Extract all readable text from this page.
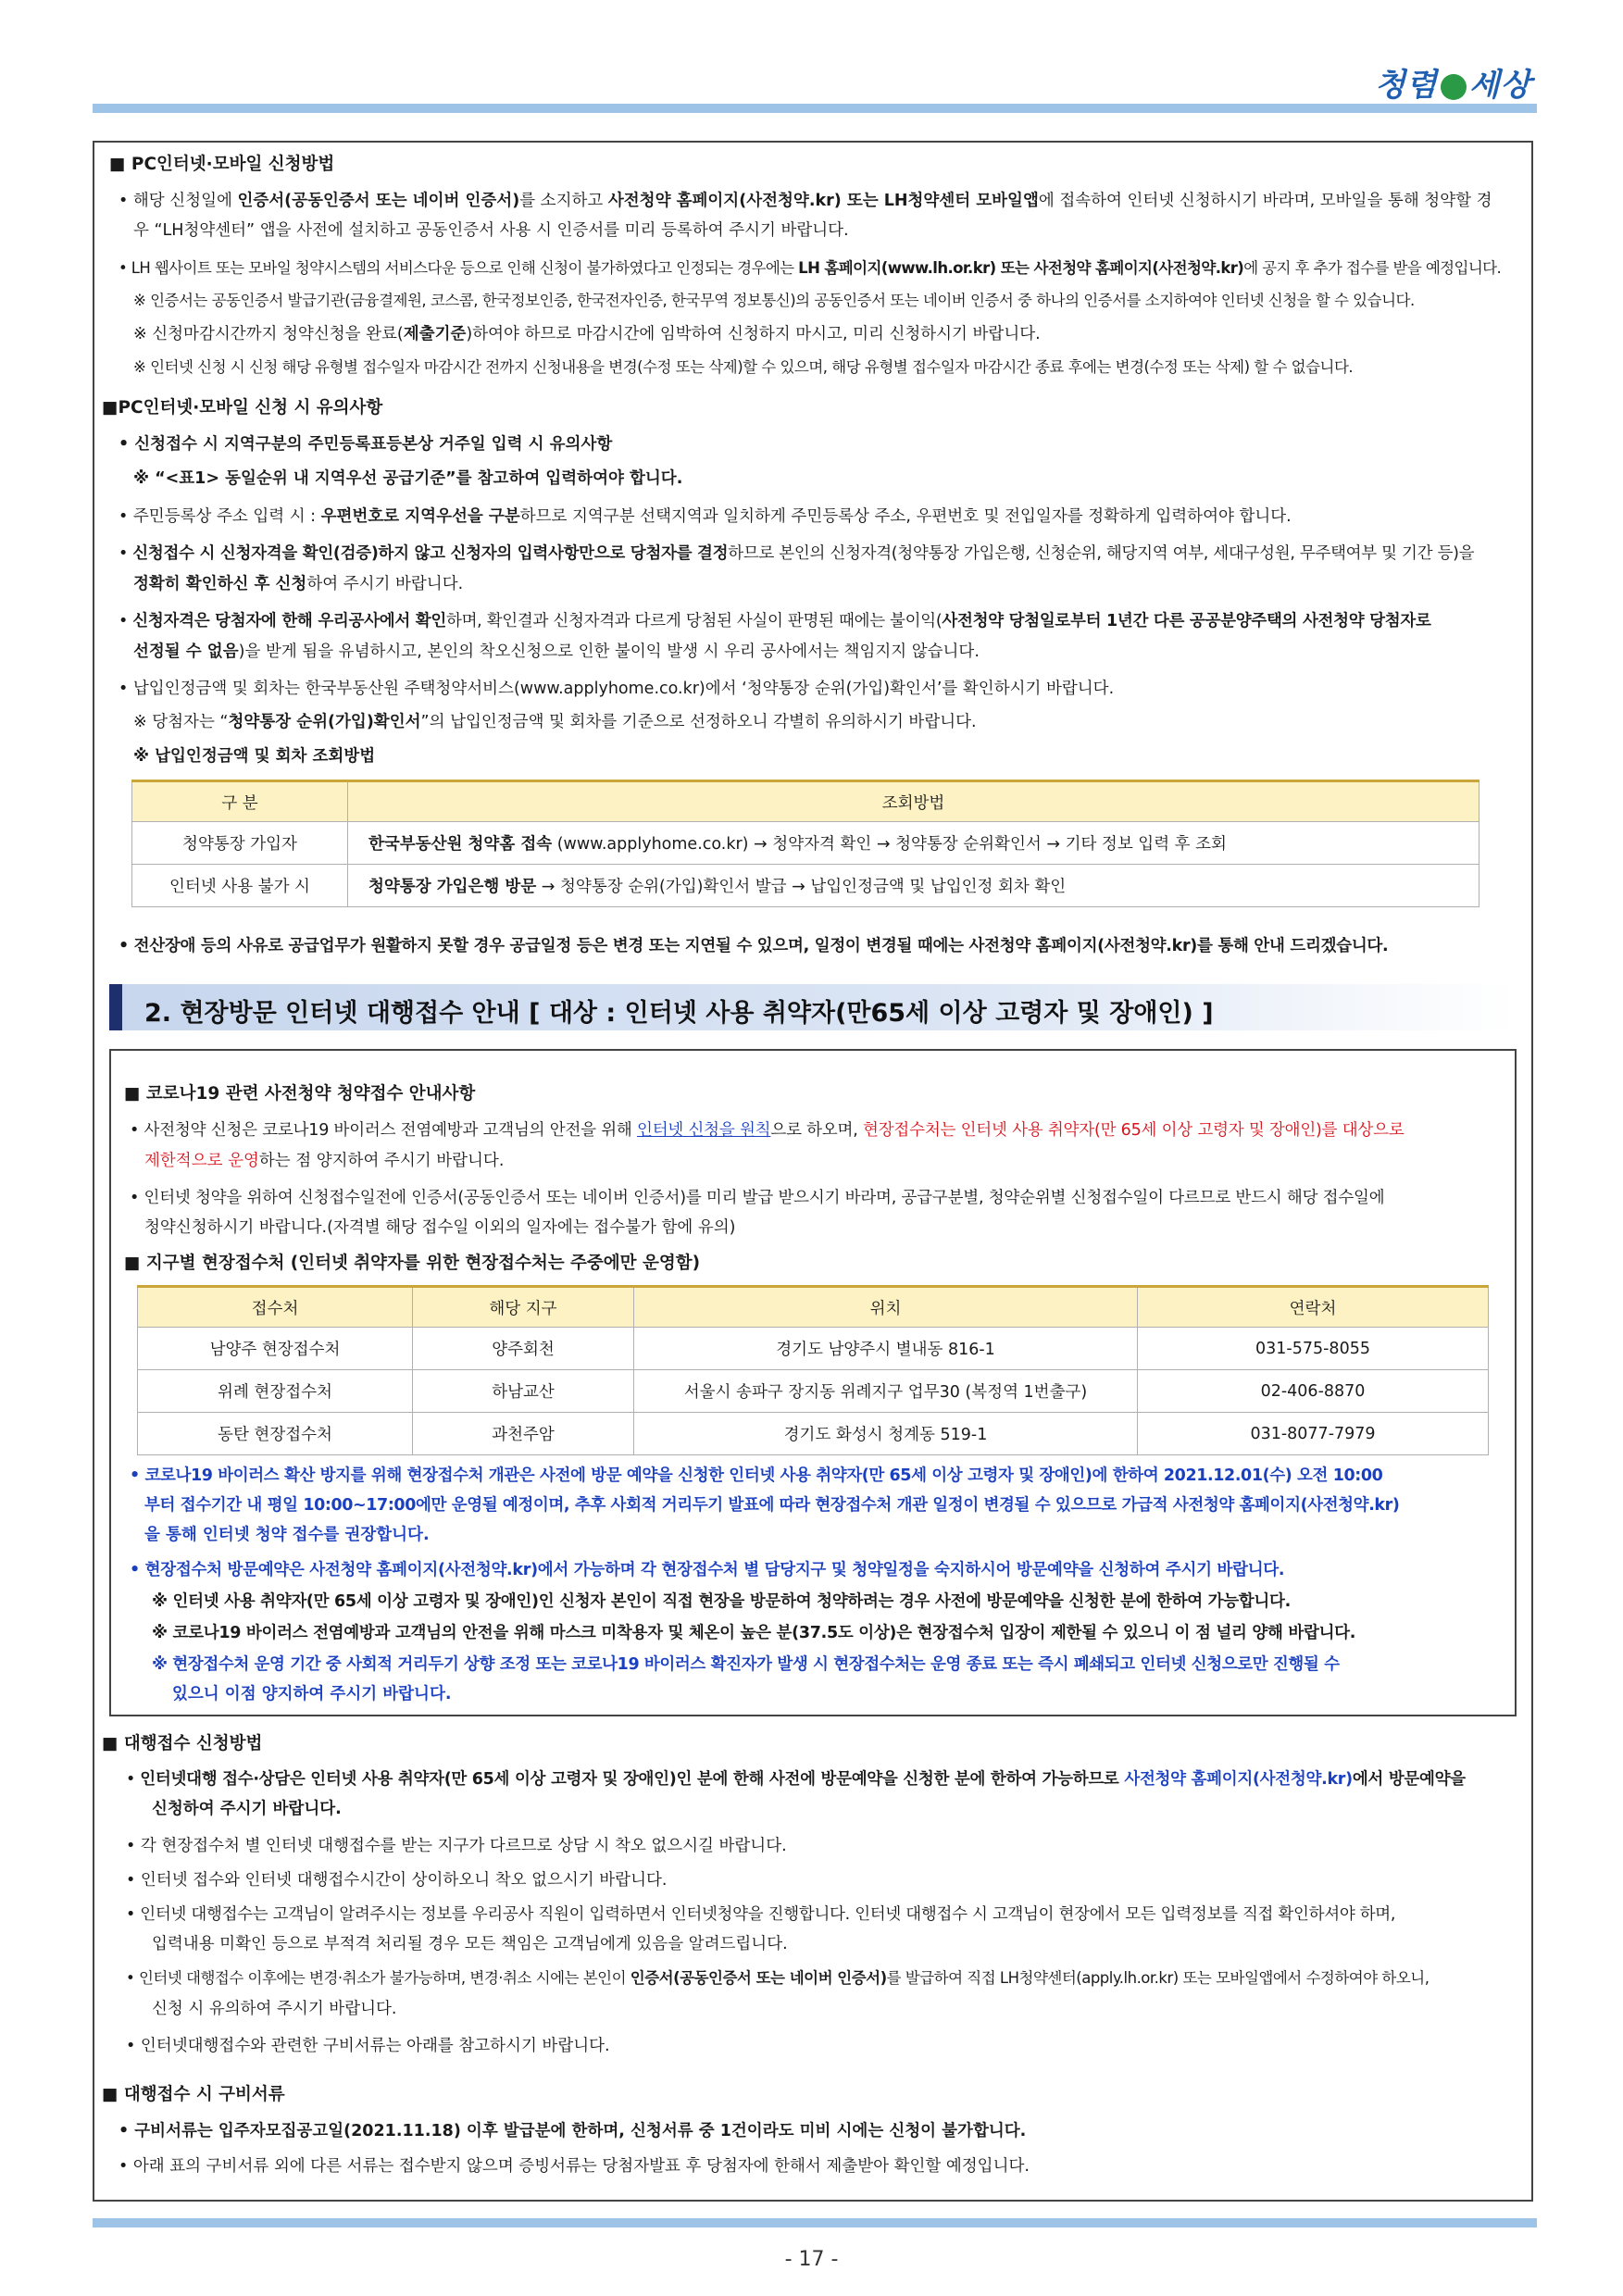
청렴 세상
■ PC인터넷·모바일 신청방법
• 해당 신청일에 인증서(공동인증서 또는 네이버 인증서)를 소지하고 사전청약 홈페이지(사전청약.kr) 또는 LH청약센터 모바일앱에 접속하여 인터넷 신청하시기 바라며, 모바일을 통해 청약할 경
우 “LH청약센터” 앱을 사전에 설치하고 공동인증서 사용 시 인증서를 미리 등록하여 주시기 바랍니다.
• LH 웹사이트 또는 모바일 청약시스템의 서비스다운 등으로 인해 신청이 불가하였다고 인정되는 경우에는 LH 홈페이지(www.lh.or.kr) 또는 사전청약 홈페이지(사전청약.kr)에 공지 후 추가 접수를 받을 예정입니다.
※ 인증서는 공동인증서 발급기관(금융결제원, 코스콤, 한국정보인증, 한국전자인증, 한국무역 정보통신)의 공동인증서 또는 네이버 인증서 중 하나의 인증서를 소지하여야 인터넷 신청을 할 수 있습니다.
※ 신청마감시간까지 청약신청을 완료(제출기준)하여야 하므로 마감시간에 임박하여 신청하지 마시고, 미리 신청하시기 바랍니다.
※ 인터넷 신청 시 신청 해당 유형별 접수일자 마감시간 전까지 신청내용을 변경(수정 또는 삭제)할 수 있으며, 해당 유형별 접수일자 마감시간 종료 후에는 변경(수정 또는 삭제) 할 수 없습니다.
■PC인터넷·모바일 신청 시 유의사항
• 신청접수 시 지역구분의 주민등록표등본상 거주일 입력 시 유의사항
※ “<표1> 동일순위 내 지역우선 공급기준”를 참고하여 입력하여야 합니다.
• 주민등록상 주소 입력 시 : 우편번호로 지역우선을 구분하므로 지역구분 선택지역과 일치하게 주민등록상 주소, 우편번호 및 전입일자를 정확하게 입력하여야 합니다.
• 신청접수 시 신청자격을 확인(검증)하지 않고 신청자의 입력사항만으로 당첨자를 결정하므로 본인의 신청자격(청약통장 가입은행, 신청순위, 해당지역 여부, 세대구성원, 무주택여부 및 기간 등)을
정확히 확인하신 후 신청하여 주시기 바랍니다.
• 신청자격은 당첨자에 한해 우리공사에서 확인하며, 확인결과 신청자격과 다르게 당첨된 사실이 판명된 때에는 불이익(사전청약 당첨일로부터 1년간 다른 공공분양주택의 사전청약 당첨자로
선정될 수 없음)을 받게 됨을 유념하시고, 본인의 착오신청으로 인한 불이익 발생 시 우리 공사에서는 책임지지 않습니다.
• 납입인정금액 및 회차는 한국부동산원 주택청약서비스(www.applyhome.co.kr)에서 ‘청약통장 순위(가입)확인서’를 확인하시기 바랍니다.
※ 당첨자는 “청약통장 순위(가입)확인서”의 납입인정금액 및 회차를 기준으로 선정하오니 각별히 유의하시기 바랍니다.
※ 납입인정금액 및 회차 조회방법
구 분	조회방법
청약통장 가입자	한국부동산원 청약홈 접속 (www.applyhome.co.kr) → 청약자격 확인 → 청약통장 순위확인서 → 기타 정보 입력 후 조회
인터넷 사용 불가 시	청약통장 가입은행 방문 → 청약통장 순위(가입)확인서 발급 → 납입인정금액 및 납입인정 회차 확인
• 전산장애 등의 사유로 공급업무가 원활하지 못할 경우 공급일정 등은 변경 또는 지연될 수 있으며, 일정이 변경될 때에는 사전청약 홈페이지(사전청약.kr)를 통해 안내 드리겠습니다.
2. 현장방문 인터넷 대행접수 안내 [ 대상 : 인터넷 사용 취약자(만65세 이상 고령자 및 장애인) ]
■ 코로나19 관련 사전청약 청약접수 안내사항
• 사전청약 신청은 코로나19 바이러스 전염예방과 고객님의 안전을 위해 인터넷 신청을 원칙으로 하오며, 현장접수처는 인터넷 사용 취약자(만 65세 이상 고령자 및 장애인)를 대상으로
제한적으로 운영하는 점 양지하여 주시기 바랍니다.
• 인터넷 청약을 위하여 신청접수일전에 인증서(공동인증서 또는 네이버 인증서)를 미리 발급 받으시기 바라며, 공급구분별, 청약순위별 신청접수일이 다르므로 반드시 해당 접수일에
청약신청하시기 바랍니다.(자격별 해당 접수일 이외의 일자에는 접수불가 함에 유의)
■ 지구별 현장접수처 (인터넷 취약자를 위한 현장접수처는 주중에만 운영함)
접수처	해당 지구	위치	연락처
남양주 현장접수처	양주회천	경기도 남양주시 별내동 816-1	031-575-8055
위례 현장접수처	하남교산	서울시 송파구 장지동 위례지구 업무30 (복정역 1번출구)	02-406-8870
동탄 현장접수처	과천주암	경기도 화성시 청계동 519-1	031-8077-7979
• 코로나19 바이러스 확산 방지를 위해 현장접수처 개관은 사전에 방문 예약을 신청한 인터넷 사용 취약자(만 65세 이상 고령자 및 장애인)에 한하여 2021.12.01(수) 오전 10:00
부터 접수기간 내 평일 10:00~17:00에만 운영될 예정이며, 추후 사회적 거리두기 발표에 따라 현장접수처 개관 일정이 변경될 수 있으므로 가급적 사전청약 홈페이지(사전청약.kr)
을 통해 인터넷 청약 접수를 권장합니다.
• 현장접수처 방문예약은 사전청약 홈페이지(사전청약.kr)에서 가능하며 각 현장접수처 별 담당지구 및 청약일정을 숙지하시어 방문예약을 신청하여 주시기 바랍니다.
※ 인터넷 사용 취약자(만 65세 이상 고령자 및 장애인)인 신청자 본인이 직접 현장을 방문하여 청약하려는 경우 사전에 방문예약을 신청한 분에 한하여 가능합니다.
※ 코로나19 바이러스 전염예방과 고객님의 안전을 위해 마스크 미착용자 및 체온이 높은 분(37.5도 이상)은 현장접수처 입장이 제한될 수 있으니 이 점 널리 양해 바랍니다.
※ 현장접수처 운영 기간 중 사회적 거리두기 상향 조정 또는 코로나19 바이러스 확진자가 발생 시 현장접수처는 운영 종료 또는 즉시 폐쇄되고 인터넷 신청으로만 진행될 수
있으니 이점 양지하여 주시기 바랍니다.
■ 대행접수 신청방법
• 인터넷대행 접수·상담은 인터넷 사용 취약자(만 65세 이상 고령자 및 장애인)인 분에 한해 사전에 방문예약을 신청한 분에 한하여 가능하므로 사전청약 홈페이지(사전청약.kr)에서 방문예약을
신청하여 주시기 바랍니다.
• 각 현장접수처 별 인터넷 대행접수를 받는 지구가 다르므로 상담 시 착오 없으시길 바랍니다.
• 인터넷 접수와 인터넷 대행접수시간이 상이하오니 착오 없으시기 바랍니다.
• 인터넷 대행접수는 고객님이 알려주시는 정보를 우리공사 직원이 입력하면서 인터넷청약을 진행합니다. 인터넷 대행접수 시 고객님이 현장에서 모든 입력정보를 직접 확인하셔야 하며,
입력내용 미확인 등으로 부적격 처리될 경우 모든 책임은 고객님에게 있음을 알려드립니다.
• 인터넷 대행접수 이후에는 변경·취소가 불가능하며, 변경·취소 시에는 본인이 인증서(공동인증서 또는 네이버 인증서)를 발급하여 직접 LH청약센터(apply.lh.or.kr) 또는 모바일앱에서 수정하여야 하오니,
신청 시 유의하여 주시기 바랍니다.
• 인터넷대행접수와 관련한 구비서류는 아래를 참고하시기 바랍니다.
■ 대행접수 시 구비서류
• 구비서류는 입주자모집공고일(2021.11.18) 이후 발급분에 한하며, 신청서류 중 1건이라도 미비 시에는 신청이 불가합니다.
• 아래 표의 구비서류 외에 다른 서류는 접수받지 않으며 증빙서류는 당첨자발표 후 당첨자에 한해서 제출받아 확인할 예정입니다.
- 17 -
